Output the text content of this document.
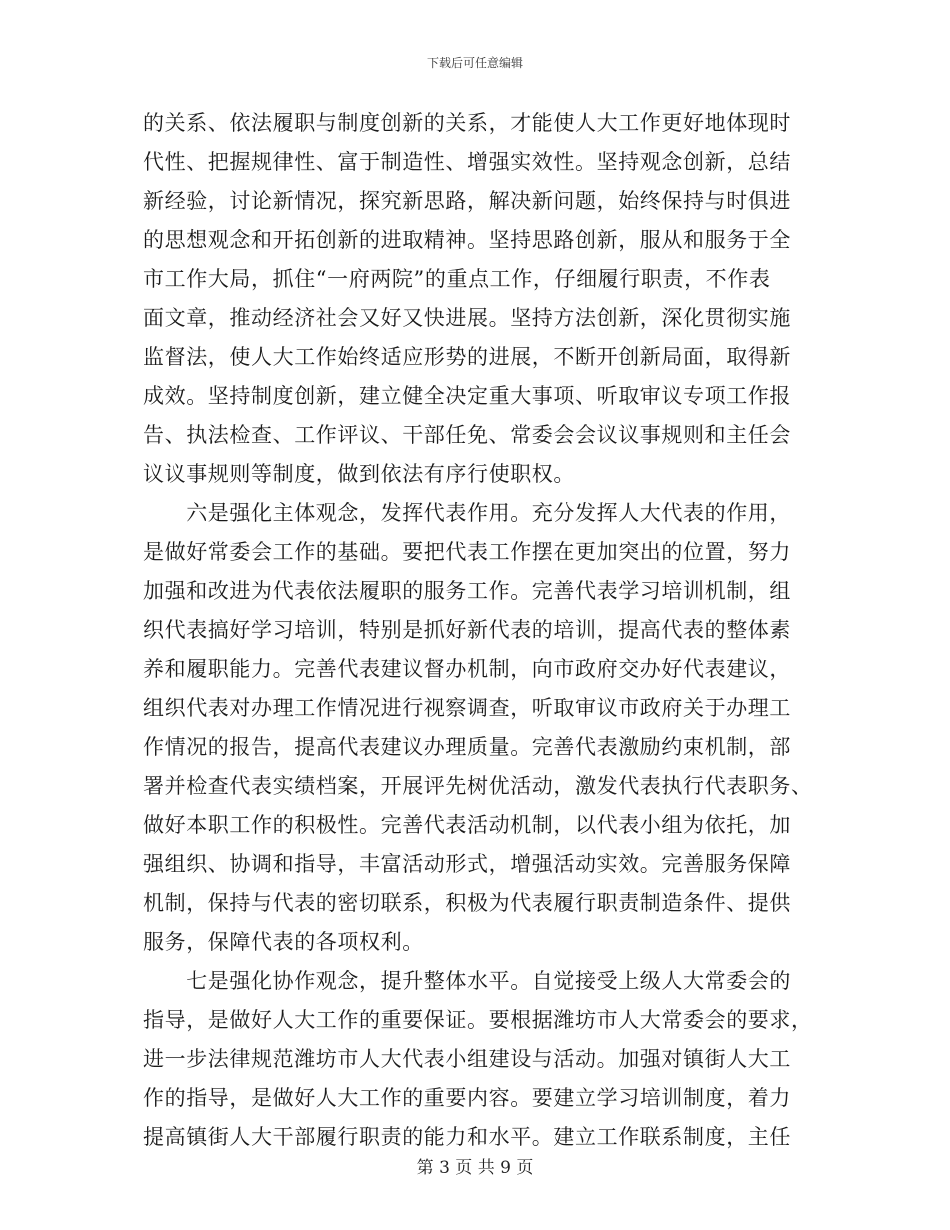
下载后可任意编辑
的关系、依法履职与制度创新的关系，才能使人大工作更好地体现时
代性、把握规律性、富于制造性、增强实效性。坚持观念创新，总结
新经验，讨论新情况，探究新思路，解决新问题，始终保持与时俱进
的思想观念和开拓创新的进取精神。坚持思路创新，服从和服务于全
市工作大局，抓住“一府两院”的重点工作，仔细履行职责，不作表
面文章，推动经济社会又好又快进展。坚持方法创新，深化贯彻实施
监督法，使人大工作始终适应形势的进展，不断开创新局面，取得新
成效。坚持制度创新，建立健全决定重大事项、听取审议专项工作报
告、执法检查、工作评议、干部任免、常委会会议议事规则和主任会
议议事规则等制度，做到依法有序行使职权。
　　六是强化主体观念，发挥代表作用。充分发挥人大代表的作用，
是做好常委会工作的基础。要把代表工作摆在更加突出的位置，努力
加强和改进为代表依法履职的服务工作。完善代表学习培训机制，组
织代表搞好学习培训，特别是抓好新代表的培训，提高代表的整体素
养和履职能力。完善代表建议督办机制，向市政府交办好代表建议，
组织代表对办理工作情况进行视察调查，听取审议市政府关于办理工
作情况的报告，提高代表建议办理质量。完善代表激励约束机制，部
署并检查代表实绩档案，开展评先树优活动，激发代表执行代表职务、
做好本职工作的积极性。完善代表活动机制，以代表小组为依托，加
强组织、协调和指导，丰富活动形式，增强活动实效。完善服务保障
机制，保持与代表的密切联系，积极为代表履行职责制造条件、提供
服务，保障代表的各项权利。
　　七是强化协作观念，提升整体水平。自觉接受上级人大常委会的
指导，是做好人大工作的重要保证。要根据潍坊市人大常委会的要求，
进一步法律规范潍坊市人大代表小组建设与活动。加强对镇街人大工
作的指导，是做好人大工作的重要内容。要建立学习培训制度，着力
提高镇街人大干部履行职责的能力和水平。建立工作联系制度，主任
第 3 页 共 9 页
